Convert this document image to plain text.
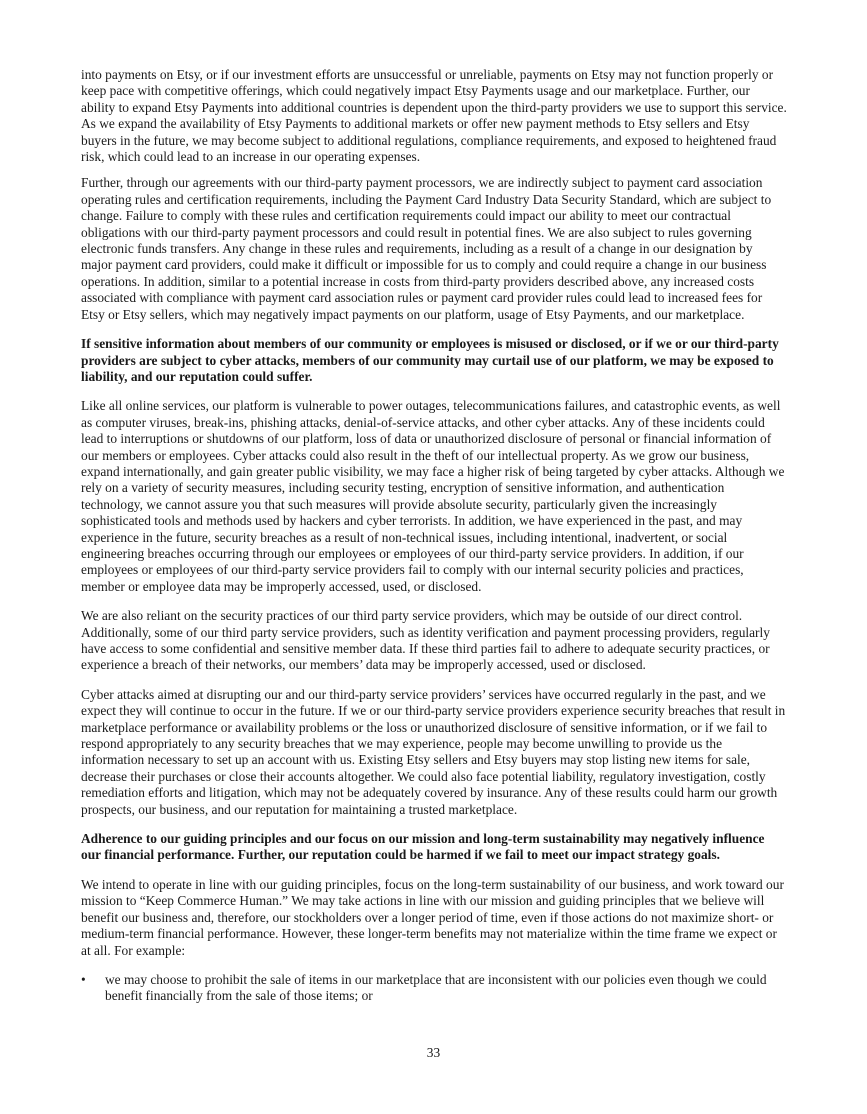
into payments on Etsy, or if our investment efforts are unsuccessful or unreliable, payments on Etsy may not function properly or keep pace with competitive offerings, which could negatively impact Etsy Payments usage and our marketplace. Further, our ability to expand Etsy Payments into additional countries is dependent upon the third-party providers we use to support this service. As we expand the availability of Etsy Payments to additional markets or offer new payment methods to Etsy sellers and Etsy buyers in the future, we may become subject to additional regulations, compliance requirements, and exposed to heightened fraud risk, which could lead to an increase in our operating expenses.

Further, through our agreements with our third-party payment processors, we are indirectly subject to payment card association operating rules and certification requirements, including the Payment Card Industry Data Security Standard, which are subject to change. Failure to comply with these rules and certification requirements could impact our ability to meet our contractual obligations with our third-party payment processors and could result in potential fines. We are also subject to rules governing electronic funds transfers. Any change in these rules and requirements, including as a result of a change in our designation by major payment card providers, could make it difficult or impossible for us to comply and could require a change in our business operations. In addition, similar to a potential increase in costs from third-party providers described above, any increased costs associated with compliance with payment card association rules or payment card provider rules could lead to increased fees for Etsy or Etsy sellers, which may negatively impact payments on our platform, usage of Etsy Payments, and our marketplace.

If sensitive information about members of our community or employees is misused or disclosed, or if we or our third-party providers are subject to cyber attacks, members of our community may curtail use of our platform, we may be exposed to liability, and our reputation could suffer.

Like all online services, our platform is vulnerable to power outages, telecommunications failures, and catastrophic events, as well as computer viruses, break-ins, phishing attacks, denial-of-service attacks, and other cyber attacks. Any of these incidents could lead to interruptions or shutdowns of our platform, loss of data or unauthorized disclosure of personal or financial information of our members or employees. Cyber attacks could also result in the theft of our intellectual property. As we grow our business, expand internationally, and gain greater public visibility, we may face a higher risk of being targeted by cyber attacks. Although we rely on a variety of security measures, including security testing, encryption of sensitive information, and authentication technology, we cannot assure you that such measures will provide absolute security, particularly given the increasingly sophisticated tools and methods used by hackers and cyber terrorists. In addition, we have experienced in the past, and may experience in the future, security breaches as a result of non-technical issues, including intentional, inadvertent, or social engineering breaches occurring through our employees or employees of our third-party service providers. In addition, if our employees or employees of our third-party service providers fail to comply with our internal security policies and practices, member or employee data may be improperly accessed, used, or disclosed.

We are also reliant on the security practices of our third party service providers, which may be outside of our direct control. Additionally, some of our third party service providers, such as identity verification and payment processing providers, regularly have access to some confidential and sensitive member data. If these third parties fail to adhere to adequate security practices, or experience a breach of their networks, our members’ data may be improperly accessed, used or disclosed.

Cyber attacks aimed at disrupting our and our third-party service providers’ services have occurred regularly in the past, and we expect they will continue to occur in the future. If we or our third-party service providers experience security breaches that result in marketplace performance or availability problems or the loss or unauthorized disclosure of sensitive information, or if we fail to respond appropriately to any security breaches that we may experience, people may become unwilling to provide us the information necessary to set up an account with us. Existing Etsy sellers and Etsy buyers may stop listing new items for sale, decrease their purchases or close their accounts altogether. We could also face potential liability, regulatory investigation, costly remediation efforts and litigation, which may not be adequately covered by insurance. Any of these results could harm our growth prospects, our business, and our reputation for maintaining a trusted marketplace.

Adherence to our guiding principles and our focus on our mission and long-term sustainability may negatively influence our financial performance. Further, our reputation could be harmed if we fail to meet our impact strategy goals.

We intend to operate in line with our guiding principles, focus on the long-term sustainability of our business, and work toward our mission to “Keep Commerce Human.” We may take actions in line with our mission and guiding principles that we believe will benefit our business and, therefore, our stockholders over a longer period of time, even if those actions do not maximize short- or medium-term financial performance. However, these longer-term benefits may not materialize within the time frame we expect or at all. For example:

•	we may choose to prohibit the sale of items in our marketplace that are inconsistent with our policies even though we could benefit financially from the sale of those items; or
33
